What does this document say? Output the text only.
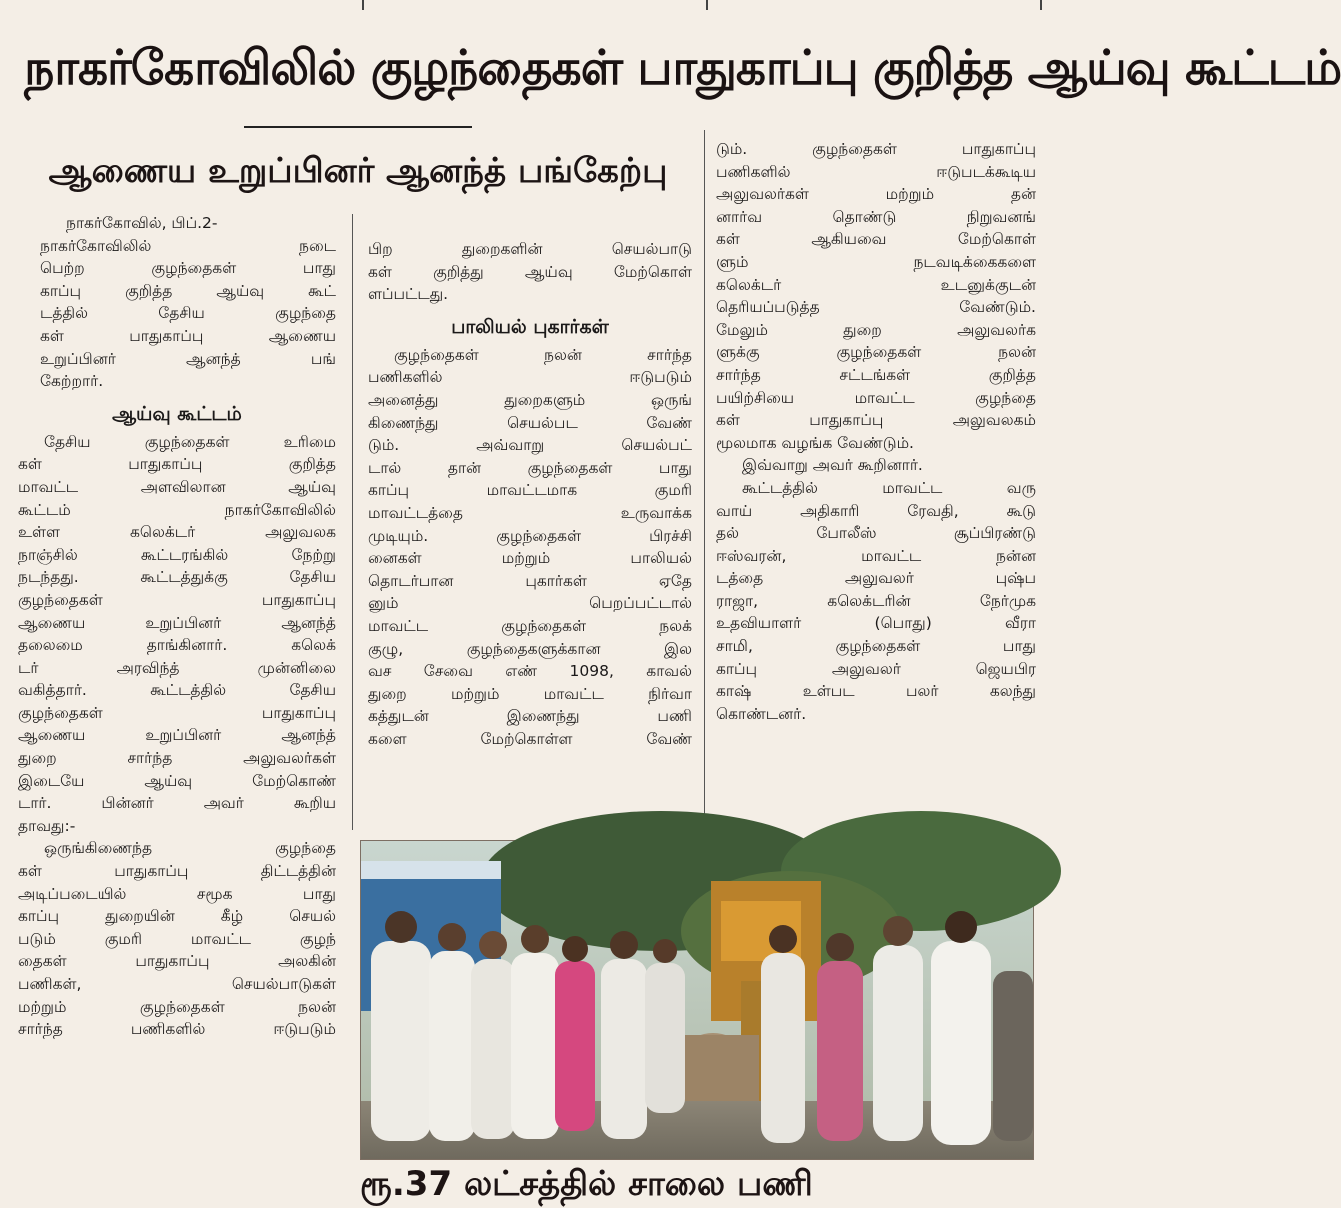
நாகர்கோவிலில் குழந்தைகள் பாதுகாப்பு குறித்த ஆய்வு கூட்டம்
ஆணைய உறுப்பினர் ஆனந்த் பங்கேற்பு
நாகர்கோவில், பிப்.2-
நாகர்கோவிலில் நடை
பெற்ற குழந்தைகள் பாது
காப்பு குறித்த ஆய்வு கூட்
டத்தில் தேசிய குழந்தை
கள் பாதுகாப்பு ஆணைய
உறுப்பினர் ஆனந்த் பங்
கேற்றார்.
ஆய்வு கூட்டம்
தேசிய குழந்தைகள் உரிமை
கள் பாதுகாப்பு குறித்த
மாவட்ட அளவிலான ஆய்வு
கூட்டம் நாகர்கோவிலில்
உள்ள கலெக்டர் அலுவலக
நாஞ்சில் கூட்டரங்கில் நேற்று
நடந்தது. கூட்டத்துக்கு தேசிய
குழந்தைகள் பாதுகாப்பு
ஆணைய உறுப்பினர் ஆனந்த்
தலைமை தாங்கினார். கலெக்
டர் அரவிந்த் முன்னிலை
வகித்தார். கூட்டத்தில் தேசிய
குழந்தைகள் பாதுகாப்பு
ஆணைய உறுப்பினர் ஆனந்த்
துறை சார்ந்த அலுவலர்கள்
இடையே ஆய்வு மேற்கொண்
டார். பின்னர் அவர் கூறிய
தாவது:-
ஒருங்கிணைந்த குழந்தை
கள் பாதுகாப்பு திட்டத்தின்
அடிப்படையில் சமூக பாது
காப்பு துறையின் கீழ் செயல்
படும் குமரி மாவட்ட குழந்
தைகள் பாதுகாப்பு அலகின்
பணிகள், செயல்பாடுகள்
மற்றும் குழந்தைகள் நலன்
சார்ந்த பணிகளில் ஈடுபடும்
பிற துறைகளின் செயல்பாடு
கள் குறித்து ஆய்வு மேற்கொள்
ளப்பட்டது.
பாலியல் புகார்கள்
குழந்தைகள் நலன் சார்ந்த
பணிகளில் ஈடுபடும்
அனைத்து துறைகளும் ஒருங்
கிணைந்து செயல்பட வேண்
டும். அவ்வாறு செயல்பட்
டால் தான் குழந்தைகள் பாது
காப்பு மாவட்டமாக குமரி
மாவட்டத்தை உருவாக்க
முடியும். குழந்தைகள் பிரச்சி
னைகள் மற்றும் பாலியல்
தொடர்பான புகார்கள் ஏதே
னும் பெறப்பட்டால்
மாவட்ட குழந்தைகள் நலக்
குழு, குழந்தைகளுக்கான இல
வச சேவை எண் 1098, காவல்
துறை மற்றும் மாவட்ட நிர்வா
கத்துடன் இணைந்து பணி
களை மேற்கொள்ள வேண்
டும். குழந்தைகள் பாதுகாப்பு
பணிகளில் ஈடுபடக்கூடிய
அலுவலர்கள் மற்றும் தன்
னார்வ தொண்டு நிறுவனங்
கள் ஆகியவை மேற்கொள்
ளும் நடவடிக்கைகளை
கலெக்டர் உடனுக்குடன்
தெரியப்படுத்த வேண்டும்.
மேலும் துறை அலுவலர்க
ளுக்கு குழந்தைகள் நலன்
சார்ந்த சட்டங்கள் குறித்த
பயிற்சியை மாவட்ட குழந்தை
கள் பாதுகாப்பு அலுவலகம்
மூலமாக வழங்க வேண்டும்.
இவ்வாறு அவர் கூறினார்.
கூட்டத்தில் மாவட்ட வரு
வாய் அதிகாரி ரேவதி, கூடு
தல் போலீஸ் சூப்பிரண்டு
ஈஸ்வரன், மாவட்ட நன்ன
டத்தை அலுவலர் புஷ்ப
ராஜா, கலெக்டரின் நேர்முக
உதவியாளர் (பொது) வீரா
சாமி, குழந்தைகள் பாது
காப்பு அலுவலர் ஜெயபிர
காஷ் உள்பட பலர் கலந்து
கொண்டனர்.
ரூ.37 லட்சத்தில் சாலை பணி
